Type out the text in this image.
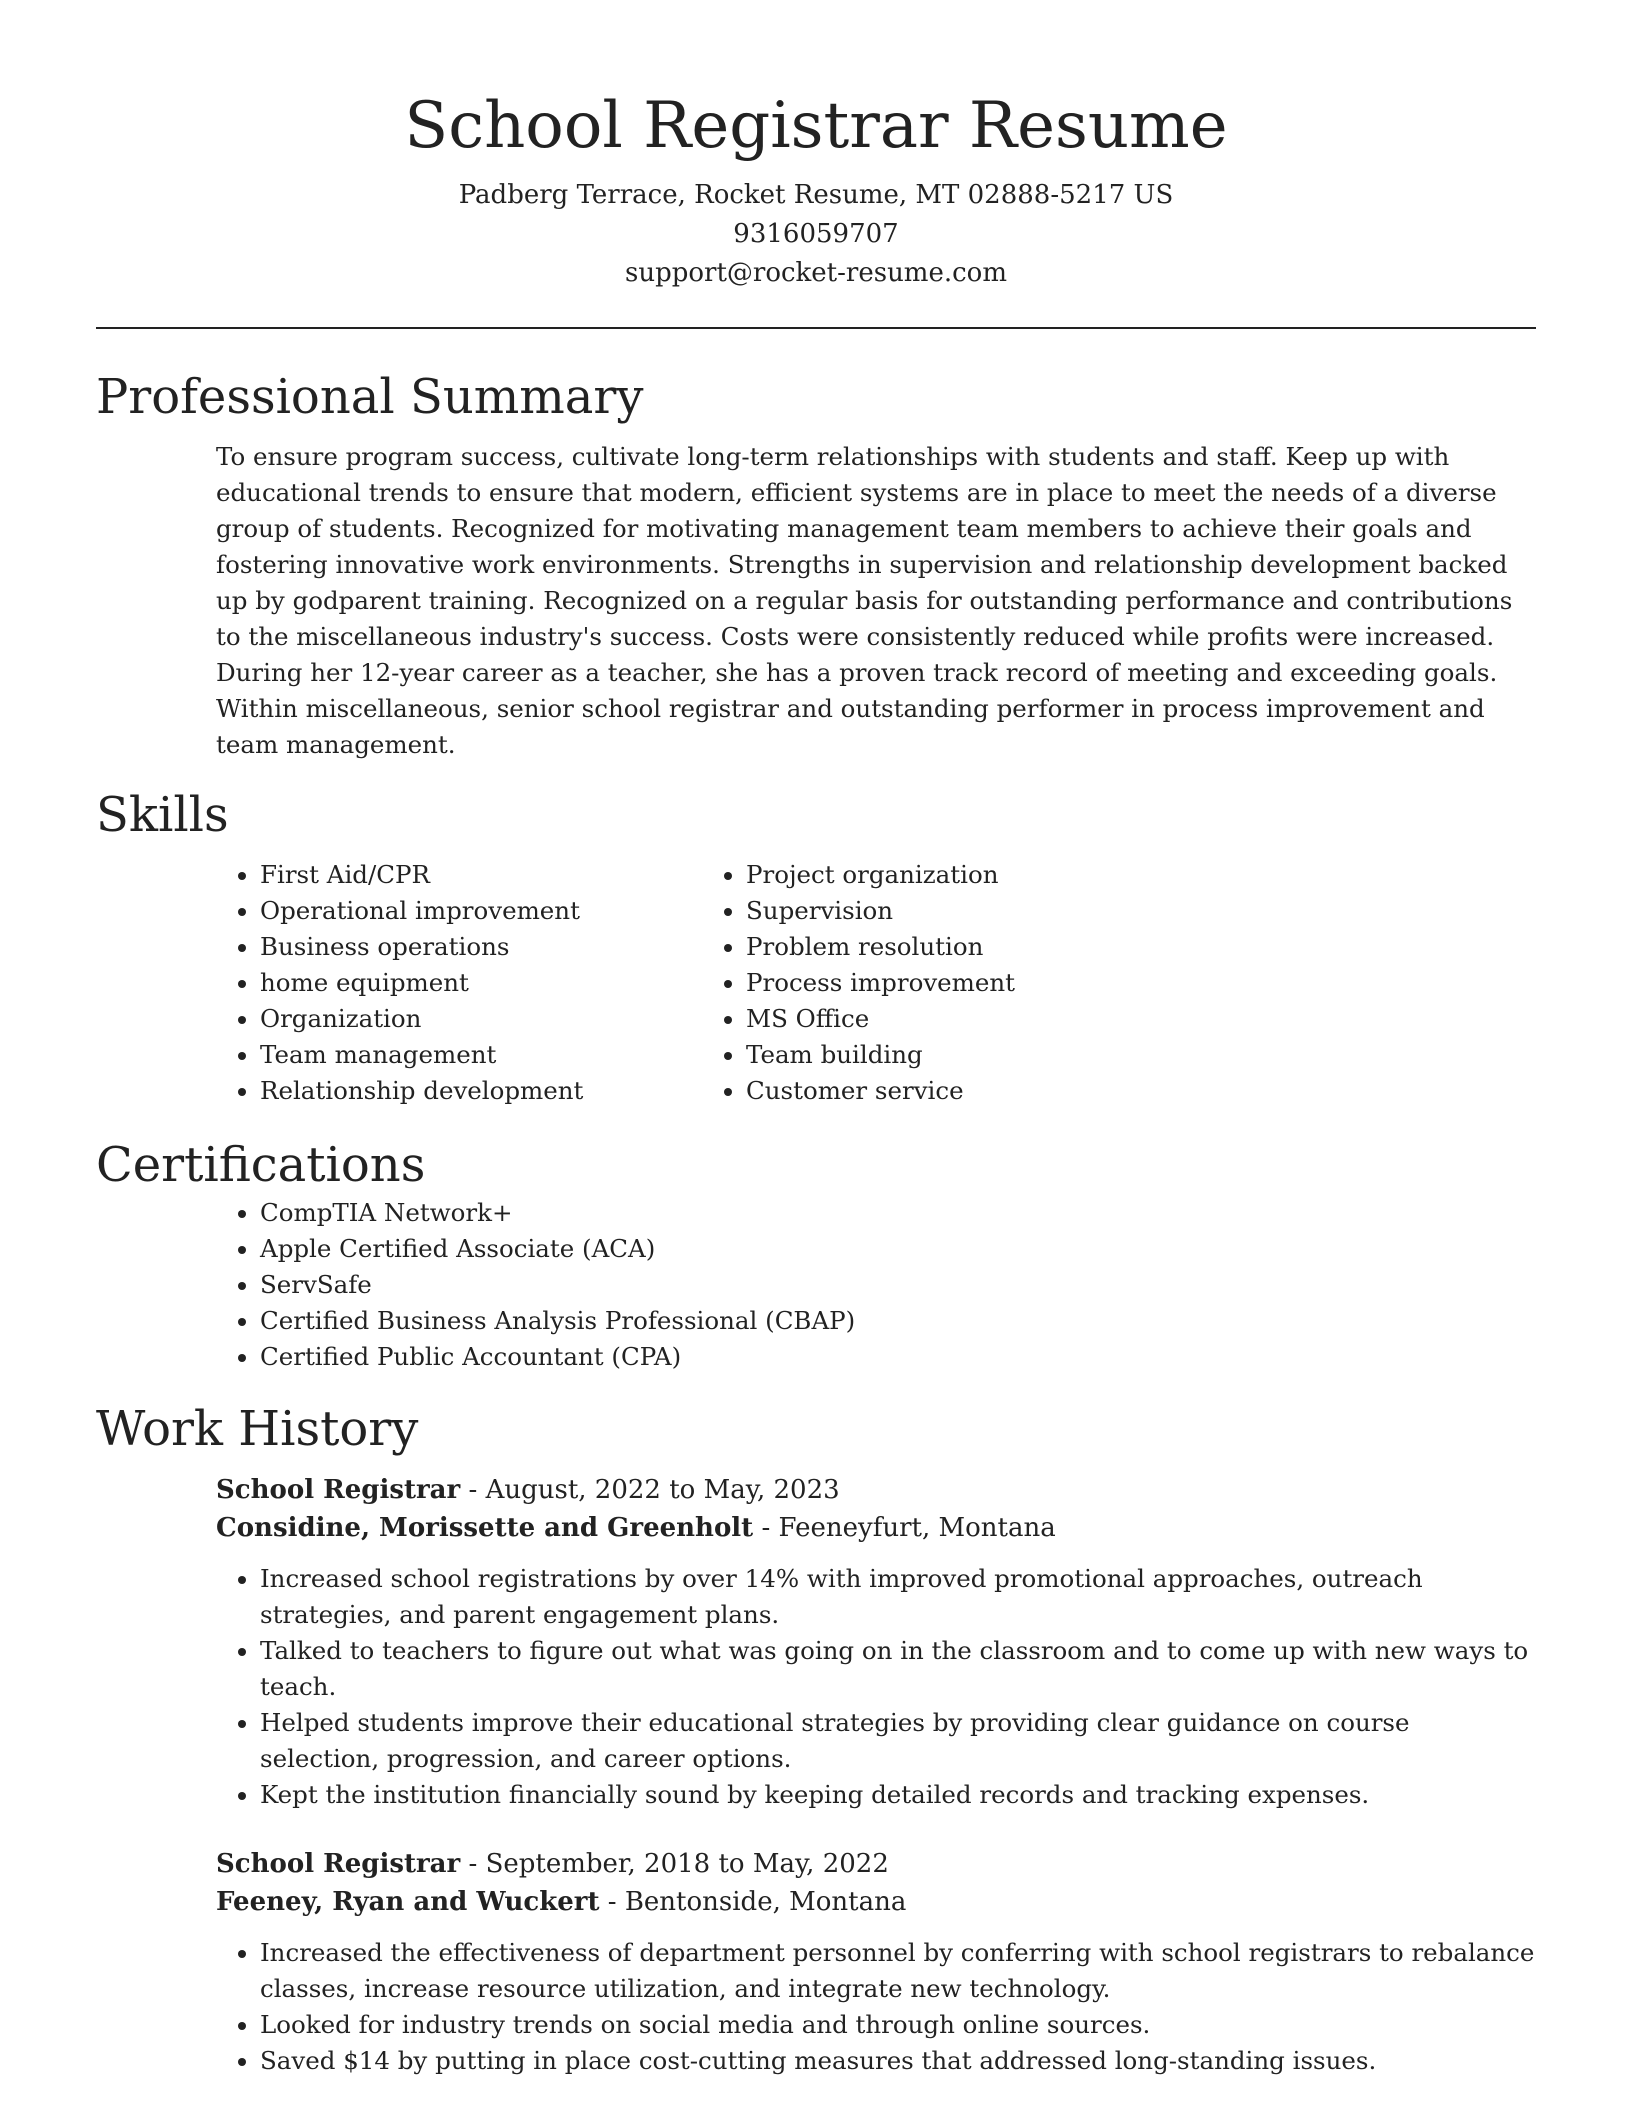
School Registrar Resume

Padberg Terrace, Rocket Resume, MT 02888-5217 US

9316059707

support@rocket-resume.com

Professional Summary

To ensure program success, cultivate long-term relationships with students and staff. Keep up with educational trends to ensure that modern, efficient systems are in place to meet the needs of a diverse group of students. Recognized for motivating management team members to achieve their goals and fostering innovative work environments. Strengths in supervision and relationship development backed up by godparent training. Recognized on a regular basis for outstanding performance and contributions to the miscellaneous industry's success. Costs were consistently reduced while profits were increased. During her 12-year career as a teacher, she has a proven track record of meeting and exceeding goals. Within miscellaneous, senior school registrar and outstanding performer in process improvement and team management.

Skills
• First Aid/CPR
• Operational improvement
• Business operations
• home equipment
• Organization
• Team management
• Relationship development
• Project organization
• Supervision
• Problem resolution
• Process improvement
• MS Office
• Team building
• Customer service
Certifications
• CompTIA Network+
• Apple Certified Associate (ACA)
• ServSafe
• Certified Business Analysis Professional (CBAP)
• Certified Public Accountant (CPA)
Work History

School Registrar - August, 2022 to May, 2023

Considine, Morissette and Greenholt - Feeneyfurt, Montana

• Increased school registrations by over 14% with improved promotional approaches, outreach strategies, and parent engagement plans.
• Talked to teachers to figure out what was going on in the classroom and to come up with new ways to teach.
• Helped students improve their educational strategies by providing clear guidance on course selection, progression, and career options.
• Kept the institution financially sound by keeping detailed records and tracking expenses.

School Registrar - September, 2018 to May, 2022

Feeney, Ryan and Wuckert - Bentonside, Montana

• Increased the effectiveness of department personnel by conferring with school registrars to rebalance classes, increase resource utilization, and integrate new technology.
• Looked for industry trends on social media and through online sources.
• Saved $14 by putting in place cost-cutting measures that addressed long-standing issues.
